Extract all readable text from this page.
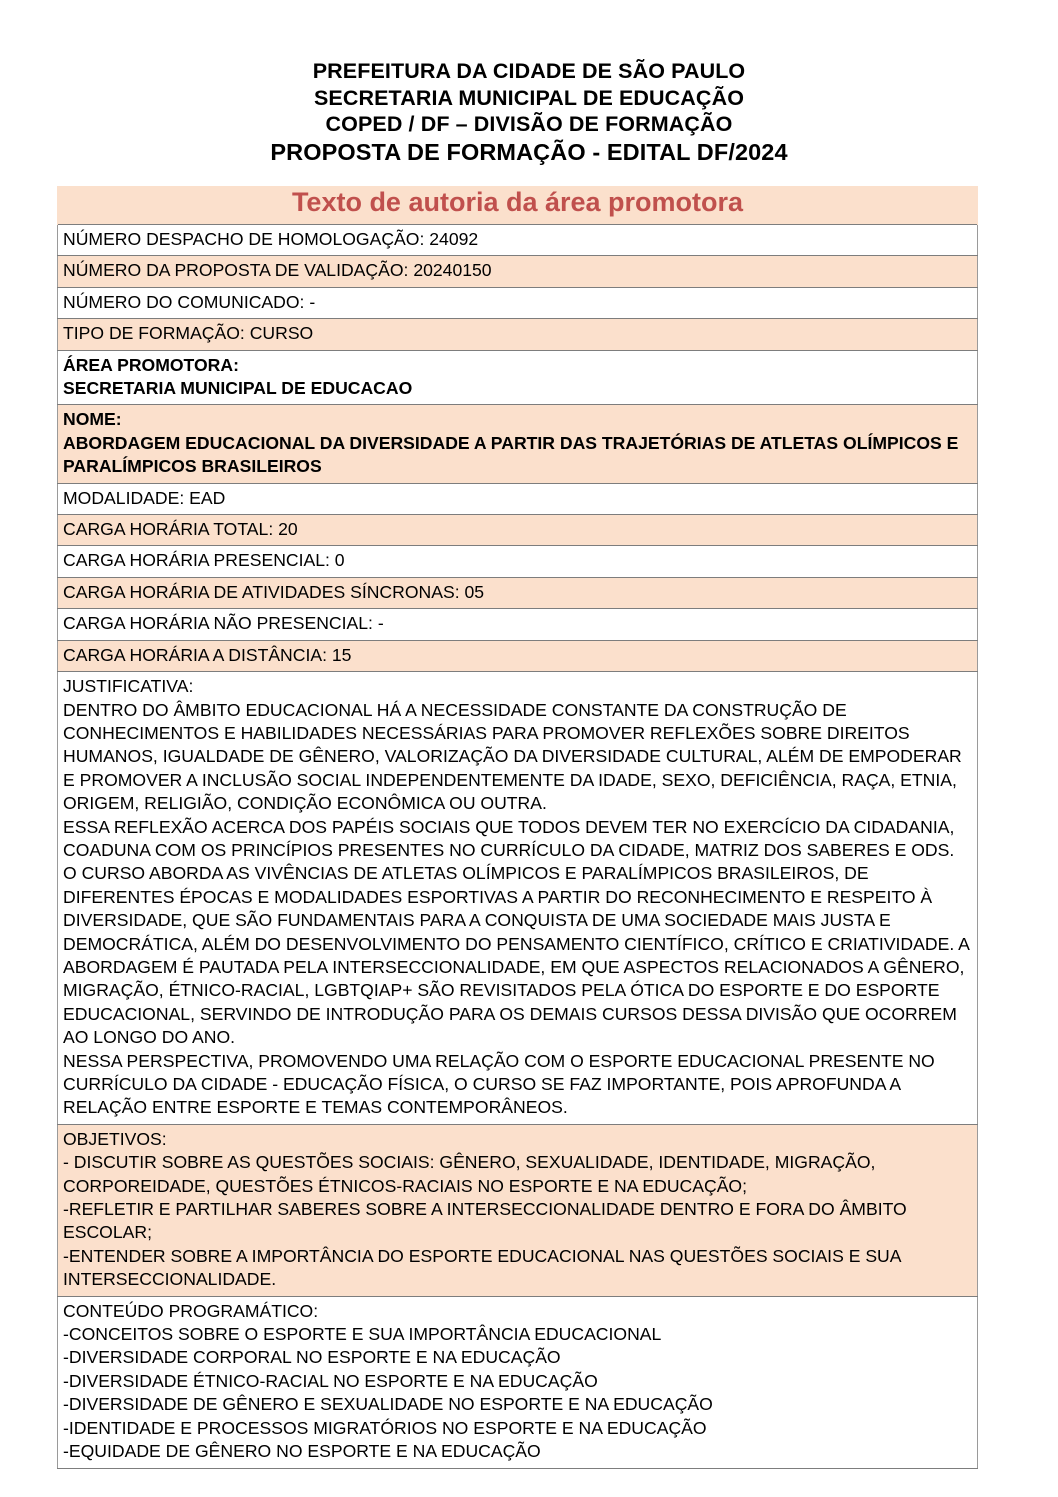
PREFEITURA DA CIDADE DE SÃO PAULO
SECRETARIA MUNICIPAL DE EDUCAÇÃO
COPED / DF – DIVISÃO DE FORMAÇÃO
PROPOSTA DE FORMAÇÃO - EDITAL DF/2024
Texto de autoria da área promotora

NÚMERO DESPACHO DE HOMOLOGAÇÃO: 24092
NÚMERO DA PROPOSTA DE VALIDAÇÃO: 20240150
NÚMERO DO COMUNICADO: -
TIPO DE FORMAÇÃO: CURSO

ÁREA PROMOTORA:
SECRETARIA MUNICIPAL DE EDUCACAO

NOME:
ABORDAGEM EDUCACIONAL DA DIVERSIDADE A PARTIR DAS TRAJETÓRIAS DE ATLETAS OLÍMPICOS E PARALÍMPICOS BRASILEIROS

MODALIDADE: EAD
CARGA HORÁRIA TOTAL: 20
CARGA HORÁRIA PRESENCIAL: 0
CARGA HORÁRIA DE ATIVIDADES SÍNCRONAS: 05
CARGA HORÁRIA NÃO PRESENCIAL: -
CARGA HORÁRIA A DISTÂNCIA: 15

JUSTIFICATIVA:
DENTRO DO ÂMBITO EDUCACIONAL HÁ A NECESSIDADE CONSTANTE DA CONSTRUÇÃO DE CONHECIMENTOS E HABILIDADES NECESSÁRIAS PARA PROMOVER REFLEXÕES SOBRE DIREITOS HUMANOS, IGUALDADE DE GÊNERO, VALORIZAÇÃO DA DIVERSIDADE CULTURAL, ALÉM DE EMPODERAR E PROMOVER A INCLUSÃO SOCIAL INDEPENDENTEMENTE DA IDADE, SEXO, DEFICIÊNCIA, RAÇA, ETNIA, ORIGEM, RELIGIÃO, CONDIÇÃO ECONÔMICA OU OUTRA.
ESSA REFLEXÃO ACERCA DOS PAPÉIS SOCIAIS QUE TODOS DEVEM TER NO EXERCÍCIO DA CIDADANIA, COADUNA COM OS PRINCÍPIOS PRESENTES NO CURRÍCULO DA CIDADE, MATRIZ DOS SABERES E ODS.
O CURSO ABORDA AS VIVÊNCIAS DE ATLETAS OLÍMPICOS E PARALÍMPICOS BRASILEIROS, DE DIFERENTES ÉPOCAS E MODALIDADES ESPORTIVAS A PARTIR DO RECONHECIMENTO E RESPEITO À DIVERSIDADE, QUE SÃO FUNDAMENTAIS PARA A CONQUISTA DE UMA SOCIEDADE MAIS JUSTA E DEMOCRÁTICA, ALÉM DO DESENVOLVIMENTO DO PENSAMENTO CIENTÍFICO, CRÍTICO E CRIATIVIDADE. A ABORDAGEM É PAUTADA PELA INTERSECCIONALIDADE, EM QUE ASPECTOS RELACIONADOS A GÊNERO, MIGRAÇÃO, ÉTNICO-RACIAL, LGBTQIAP+ SÃO REVISITADOS PELA ÓTICA DO ESPORTE E DO ESPORTE EDUCACIONAL, SERVINDO DE INTRODUÇÃO PARA OS DEMAIS CURSOS DESSA DIVISÃO QUE OCORREM AO LONGO DO ANO.
NESSA PERSPECTIVA, PROMOVENDO UMA RELAÇÃO COM O ESPORTE EDUCACIONAL PRESENTE NO CURRÍCULO DA CIDADE - EDUCAÇÃO FÍSICA, O CURSO SE FAZ IMPORTANTE, POIS APROFUNDA A RELAÇÃO ENTRE ESPORTE E TEMAS CONTEMPORÂNEOS.

OBJETIVOS:
- DISCUTIR SOBRE AS QUESTÕES SOCIAIS: GÊNERO, SEXUALIDADE, IDENTIDADE, MIGRAÇÃO, CORPOREIDADE, QUESTÕES ÉTNICOS-RACIAIS NO ESPORTE E NA EDUCAÇÃO;
-REFLETIR E PARTILHAR SABERES SOBRE A INTERSECCIONALIDADE DENTRO E FORA DO ÂMBITO ESCOLAR;
-ENTENDER SOBRE A IMPORTÂNCIA DO ESPORTE EDUCACIONAL NAS QUESTÕES SOCIAIS E SUA INTERSECCIONALIDADE.

CONTEÚDO PROGRAMÁTICO:
-CONCEITOS SOBRE O ESPORTE E SUA IMPORTÂNCIA EDUCACIONAL
-DIVERSIDADE CORPORAL NO ESPORTE E NA EDUCAÇÃO
-DIVERSIDADE ÉTNICO-RACIAL NO ESPORTE E NA EDUCAÇÃO
-DIVERSIDADE DE GÊNERO E SEXUALIDADE NO ESPORTE E NA EDUCAÇÃO
-IDENTIDADE E PROCESSOS MIGRATÓRIOS NO ESPORTE E NA EDUCAÇÃO
-EQUIDADE DE GÊNERO NO ESPORTE E NA EDUCAÇÃO
